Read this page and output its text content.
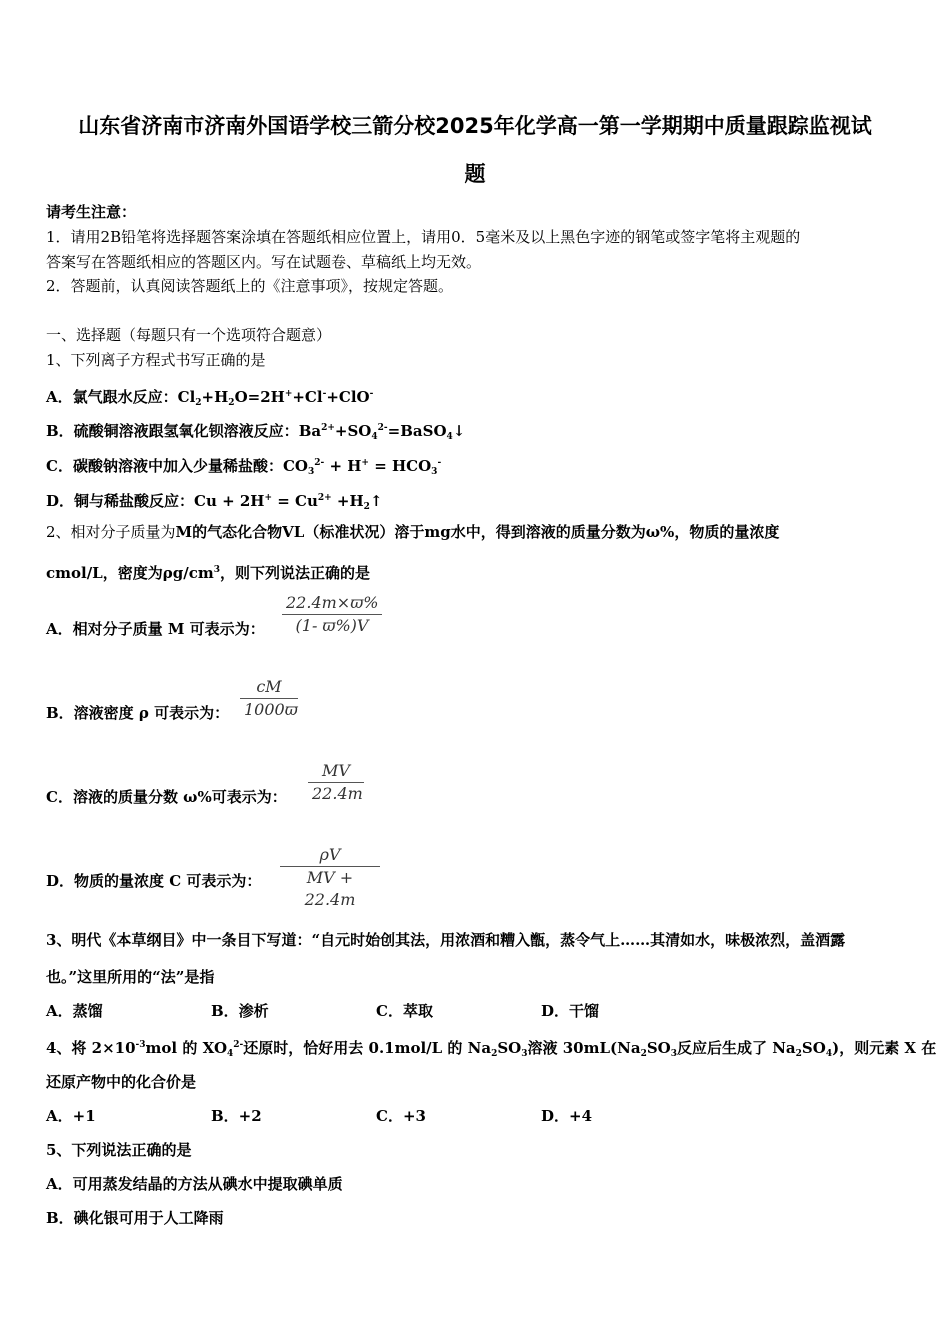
山东省济南市济南外国语学校三箭分校2025年化学高一第一学期期中质量跟踪监视试
题
请考生注意：
1．请用2B铅笔将选择题答案涂填在答题纸相应位置上，请用0．5毫米及以上黑色字迹的钢笔或签字笔将主观题的
答案写在答题纸相应的答题区内。写在试题卷、草稿纸上均无效。
2．答题前，认真阅读答题纸上的《注意事项》，按规定答题。
一、选择题（每题只有一个选项符合题意）
1、下列离子方程式书写正确的是
A．氯气跟水反应：$Cl_2+H_2O=2H^++Cl^-+ClO^-$
B．硫酸铜溶液跟氢氧化钡溶液反应：$Ba^{2+}+SO_4^{2-}=BaSO_4↓$
C．碳酸钠溶液中加入少量稀盐酸：$CO_3^{2-} + H^+ = HCO_3^-$
D．铜与稀盐酸反应：$Cu + 2H^+ = Cu^{2+}$ $+H_2↑$
2、相对分子质量为M的气态化合物VL（标准状况）溶于mg水中，得到溶液的质量分数为ω%，物质的量浓度
cmol/L，密度为$\rho g/cm^3$，则下列说法正确的是
A．相对分子质量 M 可表示为：
22.4m×ϖ%
(1- ϖ%)V
B．溶液密度 ρ 可表示为：
cM
1000ϖ
C．溶液的质量分数 ω%可表示为：
MV
22.4m
D．物质的量浓度 C 可表示为：
ρV
MV + 22.4m
3、明代《本草纲目》中一条目下写道：“自元时始创其法，用浓酒和糟入甑，蒸令气上……其清如水，味极浓烈，盖酒露
也。”这里所用的“法”是指
A．蒸馏	B．渗析	C．萃取	D．干馏
4、将 $2\times 10^{-3}mol$ 的 $XO_4^{2-}$还原时，恰好用去 0.1mol/L 的 $Na_2SO_3$溶液 $30mL(Na_2SO_3$反应后生成了 $Na_2SO_4$)，则元素 X 在
还原产物中的化合价是
A．+1	B．+2	C．+3	D．+4
5、下列说法正确的是
A．可用蒸发结晶的方法从碘水中提取碘单质
B．碘化银可用于人工降雨
